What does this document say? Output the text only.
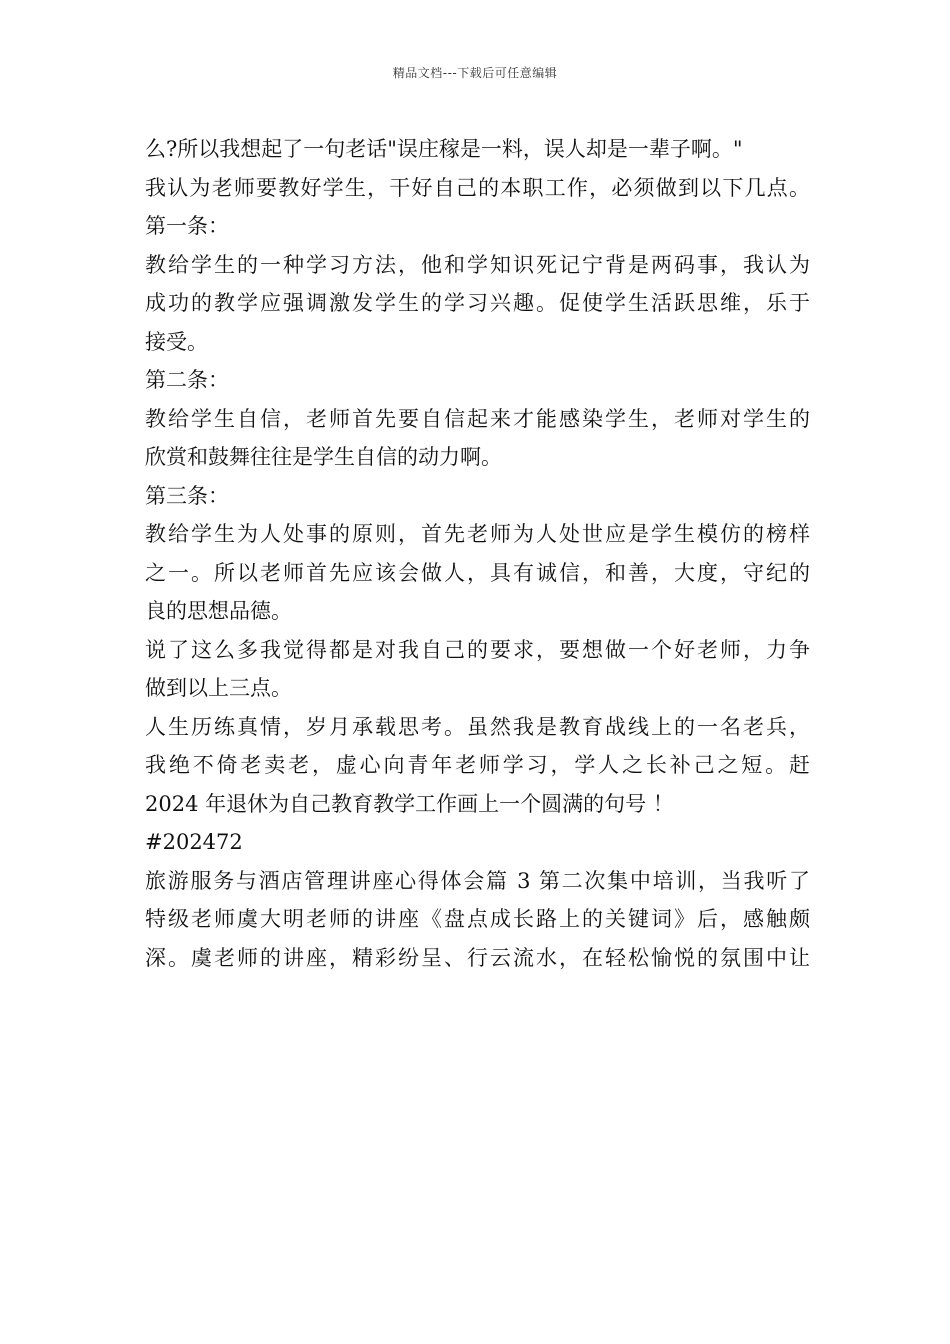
精品文档---下载后可任意编辑
么?所以我想起了一句老话"误庄稼是一料，误人却是一辈子啊。"
我认为老师要教好学生，干好自己的本职工作，必须做到以下几点。
第一条：
教给学生的一种学习方法，他和学知识死记宁背是两码事，我认为
成功的教学应强调激发学生的学习兴趣。促使学生活跃思维，乐于
接受。
第二条：
教给学生自信，老师首先要自信起来才能感染学生，老师对学生的
欣赏和鼓舞往往是学生自信的动力啊。
第三条：
教给学生为人处事的原则，首先老师为人处世应是学生模仿的榜样
之一。所以老师首先应该会做人，具有诚信，和善，大度，守纪的
良的思想品德。
说了这么多我觉得都是对我自己的要求，要想做一个好老师，力争
做到以上三点。
人生历练真情，岁月承载思考。虽然我是教育战线上的一名老兵，
我绝不倚老卖老，虚心向青年老师学习，学人之长补己之短。赶
2024 年退休为自己教育教学工作画上一个圆满的句号 ！
#202472
旅游服务与酒店管理讲座心得体会篇 3 第二次集中培训，当我听了
特级老师虞大明老师的讲座《盘点成长路上的关键词》后，感触颇
深。虞老师的讲座，精彩纷呈、行云流水，在轻松愉悦的氛围中让
